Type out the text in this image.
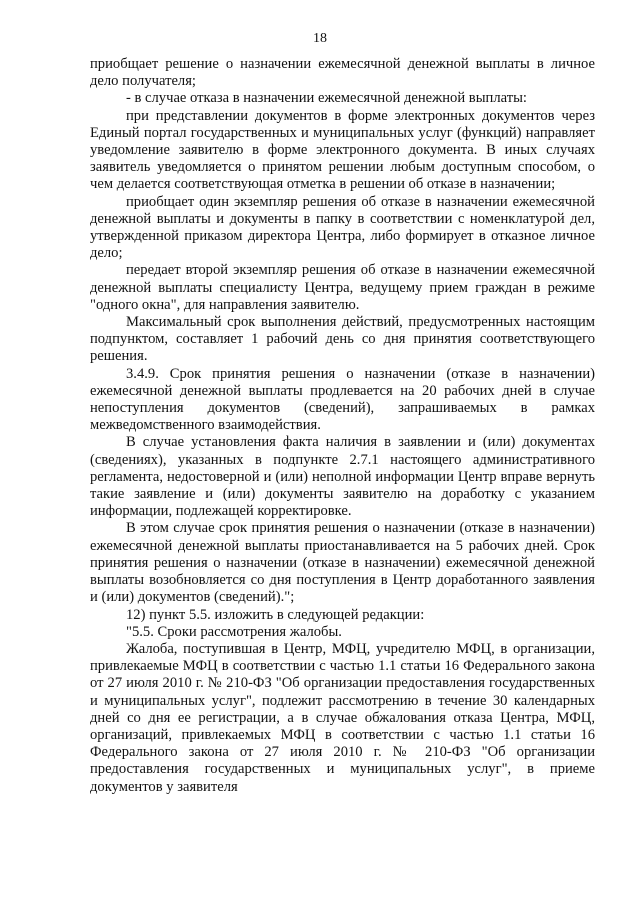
18

приобщает решение о назначении ежемесячной денежной выплаты в личное дело получателя;

- в случае отказа в назначении ежемесячной денежной выплаты:

при представлении документов в форме электронных документов через Единый портал государственных и муниципальных услуг (функций) направляет уведомление заявителю в форме электронного документа. В иных случаях заявитель уведомляется о принятом решении любым доступным способом, о чем делается соответствующая отметка в решении об отказе в назначении;

приобщает один экземпляр решения об отказе в назначении ежемесячной денежной выплаты и документы в папку в соответствии с номенклатурой дел, утвержденной приказом директора Центра, либо формирует в отказное личное дело;

передает второй экземпляр решения об отказе в назначении ежемесячной денежной выплаты специалисту Центра, ведущему прием граждан в режиме "одного окна", для направления заявителю.

Максимальный срок выполнения действий, предусмотренных настоящим подпунктом, составляет 1 рабочий день со дня принятия соответствующего решения.

3.4.9. Срок принятия решения о назначении (отказе в назначении) ежемесячной денежной выплаты продлевается на 20 рабочих дней в случае непоступления документов (сведений), запрашиваемых в рамках межведомственного взаимодействия.

В случае установления факта наличия в заявлении и (или) документах (сведениях), указанных в подпункте 2.7.1 настоящего административного регламента, недостоверной и (или) неполной информации Центр вправе вернуть такие заявление и (или) документы заявителю на доработку с указанием информации, подлежащей корректировке.

В этом случае срок принятия решения о назначении (отказе в назначении) ежемесячной денежной выплаты приостанавливается на 5 рабочих дней. Срок принятия решения о назначении (отказе в назначении) ежемесячной денежной выплаты возобновляется со дня поступления в Центр доработанного заявления и (или) документов (сведений).";

12) пункт 5.5. изложить в следующей редакции:

"5.5. Сроки рассмотрения жалобы.

Жалоба, поступившая в Центр, МФЦ, учредителю МФЦ, в организации, привлекаемые МФЦ в соответствии с частью 1.1 статьи 16 Федерального закона от 27 июля 2010 г. № 210-ФЗ "Об организации предоставления государственных и муниципальных услуг", подлежит рассмотрению в течение 30 календарных дней со дня ее регистрации, а в случае обжалования отказа Центра, МФЦ, организаций, привлекаемых МФЦ в соответствии с частью 1.1 статьи 16 Федерального закона от 27 июля 2010 г. № 210-ФЗ "Об организации предоставления государственных и муниципальных услуг", в приеме документов у заявителя
